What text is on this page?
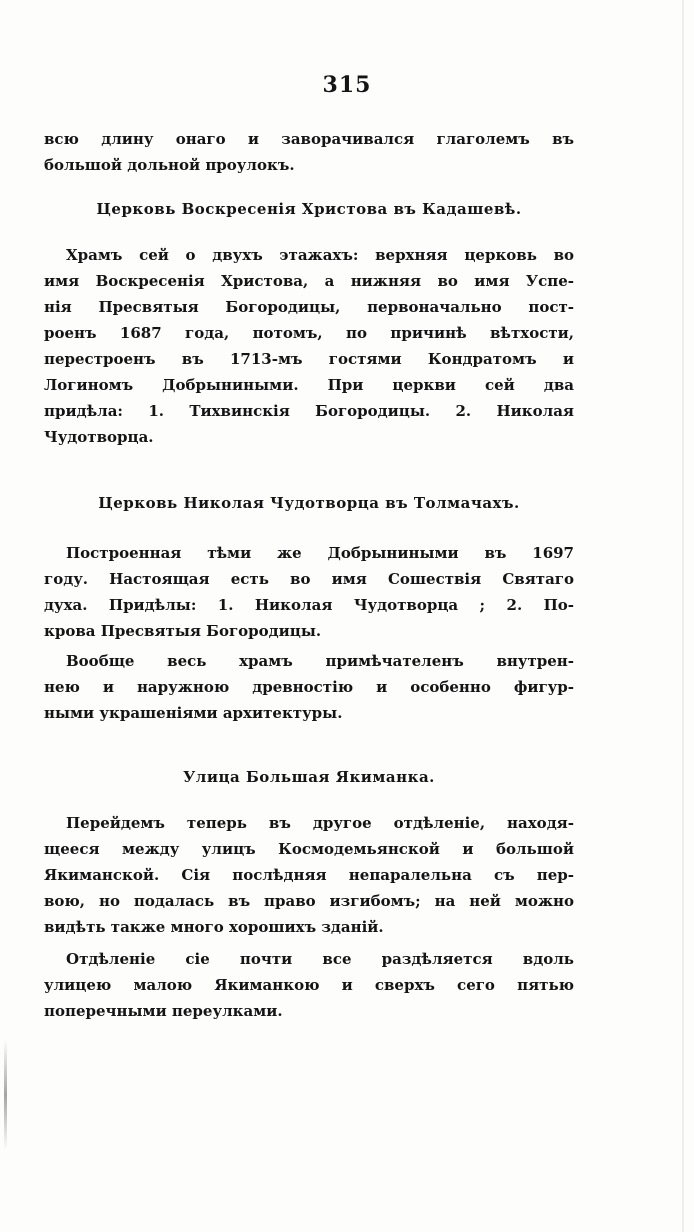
315

всю длину онаго и заворачивался глаголемъ въ
большой дольной проулокъ.

Церковь Воскресенія Христова въ Кадашевѣ.

Храмъ сей о двухъ этажахъ: верхняя церковь во
имя Воскресенія Христова, а нижняя во имя Успе-
нія Пресвятыя Богородицы, первоначально пост-
роенъ 1687 года, потомъ, по причинѣ вѣтхости,
перестроенъ въ 1713-мъ гостями Кондратомъ и
Логиномъ Добрыниными. При церкви сей два
придѣла: 1. Тихвинскія Богородицы. 2. Николая
Чудотворца.

Церковь Николая Чудотворца въ Толмачахъ.

Построенная тѣми же Добрыниными въ 1697
году. Настоящая есть во имя Сошествія Святаго
духа. Придѣлы: 1. Николая Чудотворца ; 2. По-
крова Пресвятыя Богородицы.

Вообще весь храмъ примѣчателенъ внутрен-
нею и наружною древностію и особенно фигур-
ными украшеніями архитектуры.

Улица Большая Якиманка.

Перейдемъ теперь въ другое отдѣленіе, находя-
щееся между улицъ Космодемьянской и большой
Якиманской. Сія послѣдняя непаралельна съ пер-
вою, но подалась въ право изгибомъ; на ней можно
видѣть также много хорошихъ зданій.

Отдѣленіе сіе почти все раздѣляется вдоль
улицею малою Якиманкою и сверхъ сего пятью
поперечными переулками.
